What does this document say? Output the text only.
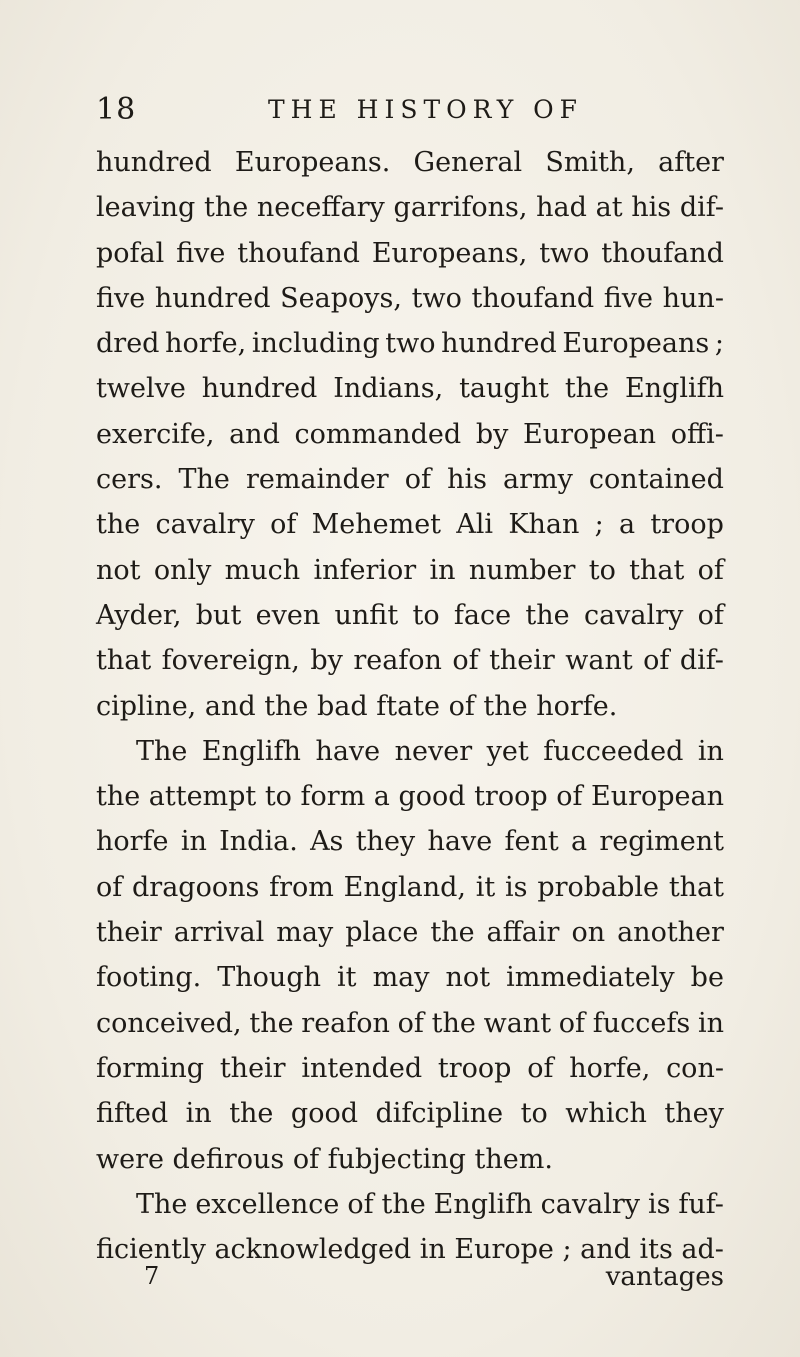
18	THE HISTORY OF
hundred Europeans. General Smith, after
leaving the neceffary garrifons, had at his dif-
pofal five thoufand Europeans, two thoufand
five hundred Seapoys, two thoufand five hun-
dred horfe, including two hundred Europeans ;
twelve hundred Indians, taught the Englifh
exercife, and commanded by European offi-
cers. The remainder of his army contained
the cavalry of Mehemet Ali Khan ; a troop
not only much inferior in number to that of
Ayder, but even unfit to face the cavalry of
that fovereign, by reafon of their want of dif-
cipline, and the bad ftate of the horfe.
The Englifh have never yet fucceeded in
the attempt to form a good troop of European
horfe in India. As they have fent a regiment
of dragoons from England, it is probable that
their arrival may place the affair on another
footing. Though it may not immediately be
conceived, the reafon of the want of fuccefs in
forming their intended troop of horfe, con-
fifted in the good difcipline to which they
were defirous of fubjecting them.
The excellence of the Englifh cavalry is fuf-
ficiently acknowledged in Europe ; and its ad-
7	vantages
